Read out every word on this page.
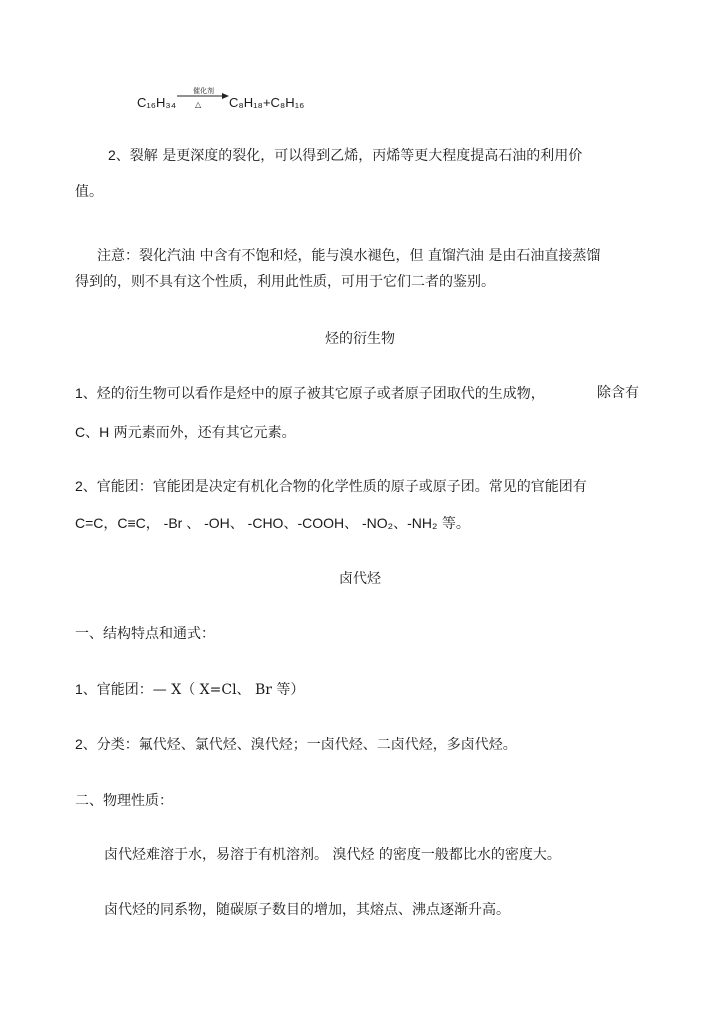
C₁₆H₃₄
催化剂
△ C₈H₁₈+C₈H₁₆
2、裂解 是更深度的裂化，可以得到乙烯，丙烯等更大程度提高石油的利用价
值。
注意：裂化汽油 中含有不饱和烃，能与溴水褪色，但 直馏汽油 是由石油直接蒸馏
得到的，则不具有这个性质，利用此性质，可用于它们二者的鉴别。
烃的衍生物
1、烃的衍生物可以看作是烃中的原子被其它原子或者原子团取代的生成物，	除含有
C、H 两元素而外，还有其它元素。
2、官能团：官能团是决定有机化合物的化学性质的原子或原子团。常见的官能团有
C=C，C≡C， -Br 、 -OH、 -CHO、-COOH、 -NO₂、-NH₂ 等。
卤代烃
一、结构特点和通式：
1、官能团：— X（ X=Cl、 Br 等）
2、分类：氟代烃、氯代烃、溴代烃；一卤代烃、二卤代烃，多卤代烃。
二、物理性质：
卤代烃难溶于水，易溶于有机溶剂。 溴代烃 的密度一般都比水的密度大。
卤代烃的同系物，随碳原子数目的增加，其熔点、沸点逐渐升高。
